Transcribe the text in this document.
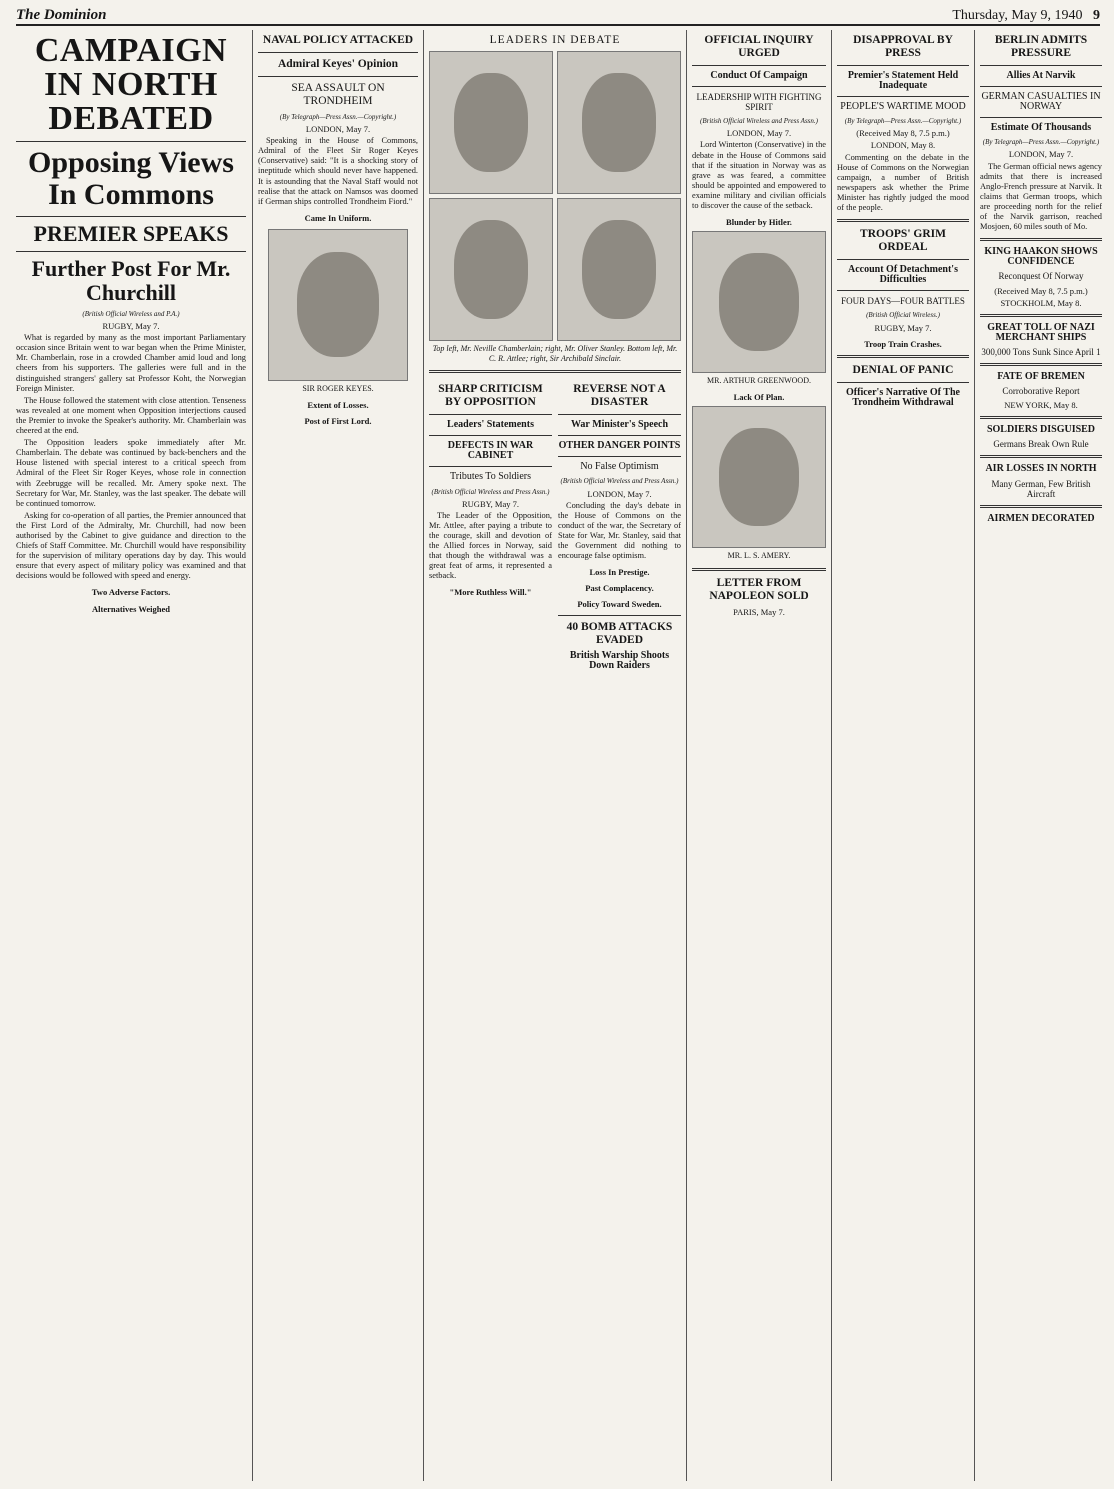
The Dominion	Thursday, May 9, 1940 9
CAMPAIGN IN NORTH DEBATED
Opposing Views In Commons
PREMIER SPEAKS
Further Post For Mr. Churchill
(British Official Wireless and P.A.)
RUGBY, May 7.

What is regarded by many as the most important Parliamentary occasion since Britain went to war began when the Prime Minister, Mr. Chamberlain, rose in a crowded Chamber amid loud and long cheers from his supporters. The galleries were full and in the distinguished strangers' gallery sat Professor Koht, the Norwegian Foreign Minister.

The House followed the statement with close attention. Tenseness was revealed at one moment when Opposition interjections caused the Premier to invoke the Speaker's authority. Mr. Chamberlain was cheered at the end.

The Opposition leaders spoke immediately after Mr. Chamberlain. The debate was continued by back-benchers and the House listened with special interest to a critical speech from Admiral of the Fleet Sir Roger Keyes, whose role in connection with Zeebrugge will be recalled. Mr. Amery spoke next. The Secretary for War, Mr. Stanley, was the last speaker. The debate will be continued tomorrow.

Asking for co-operation of all parties, the Premier announced that the First Lord of the Admiralty, Mr. Churchill, had now been authorised by the Cabinet to give guidance and direction to the Chiefs of Staff Committee. Mr. Churchill would have responsibility for the supervision of military operations day by day. This would ensure that every aspect of military policy was examined and that decisions would be followed with speed and energy.

Two Adverse Factors.
Alternatives Weighed
NAVAL POLICY ATTACKED
Admiral Keyes' Opinion
SEA ASSAULT ON TRONDHEIM
(By Telegraph—Press Assn.—Copyright.)
LONDON, May 7.

Speaking in the House of Commons, Admiral of the Fleet Sir Roger Keyes (Conservative) said: "It is a shocking story of ineptitude which should never have happened. It is astounding that the Naval Staff would not realise that the attack on Namsos was doomed if German ships controlled Trondheim Fiord."

Came In Uniform.
SIR ROGER KEYES.
Extent of Losses.
Post of First Lord.
LEADERS IN DEBATE
Top left, Mr. Neville Chamberlain; right, Mr. Oliver Stanley. Bottom left, Mr. C. R. Attlee; right, Sir Archibald Sinclair.
SHARP CRITICISM BY OPPOSITION
Leaders' Statements
DEFECTS IN WAR CABINET
Tributes To Soldiers
(British Official Wireless and Press Assn.)
RUGBY, May 7.

The Leader of the Opposition, Mr. Attlee, after paying a tribute to the courage, skill and devotion of the Allied forces in Norway, said that though the withdrawal was a great feat of arms, it represented a setback.

"More Ruthless Will."
REVERSE NOT A DISASTER
War Minister's Speech
OTHER DANGER POINTS
No False Optimism
(British Official Wireless and Press Assn.)
LONDON, May 7.

Concluding the day's debate in the House of Commons on the conduct of the war, the Secretary of State for War, Mr. Stanley, said that the Government did nothing to encourage false optimism.

Loss In Prestige.
Past Complacency.
Policy Toward Sweden.
40 BOMB ATTACKS EVADED
British Warship Shoots Down Raiders
OFFICIAL INQUIRY URGED
Conduct Of Campaign
LEADERSHIP WITH FIGHTING SPIRIT
(British Official Wireless and Press Assn.)
LONDON, May 7.

Lord Winterton (Conservative) in the debate in the House of Commons said that if the situation in Norway was as grave as was feared, a committee should be appointed and empowered to examine military and civilian officials to discover the cause of the setback.

Blunder by Hitler.
MR. ARTHUR GREENWOOD.
Lack Of Plan.
MR. L. S. AMERY.
LETTER FROM NAPOLEON SOLD
PARIS, May 7.
DISAPPROVAL BY PRESS
Premier's Statement Held Inadequate
PEOPLE'S WARTIME MOOD
(By Telegraph—Press Assn.—Copyright.)
(Received May 8, 7.5 p.m.)
LONDON, May 8.

Commenting on the debate in the House of Commons on the Norwegian campaign, a number of British newspapers ask whether the Prime Minister has rightly judged the mood of the people.

TROOPS' GRIM ORDEAL
Account Of Detachment's Difficulties
FOUR DAYS—FOUR BATTLES
(British Official Wireless.)
RUGBY, May 7.
Troop Train Crashes.
DENIAL OF PANIC
Officer's Narrative Of The Trondheim Withdrawal
BERLIN ADMITS PRESSURE
Allies At Narvik
GERMAN CASUALTIES IN NORWAY
Estimate Of Thousands
(By Telegraph—Press Assn.—Copyright.)
LONDON, May 7.

The German official news agency admits that there is increased Anglo-French pressure at Narvik. It claims that German troops, which are proceeding north for the relief of the Narvik garrison, reached Mosjoen, 60 miles south of Mo.

KING HAAKON SHOWS CONFIDENCE
Reconquest Of Norway
(Received May 8, 7.5 p.m.)
STOCKHOLM, May 8.
GREAT TOLL OF NAZI MERCHANT SHIPS
300,000 Tons Sunk Since April 1
FATE OF BREMEN
Corroborative Report
NEW YORK, May 8.
SOLDIERS DISGUISED
Germans Break Own Rule
AIR LOSSES IN NORTH
Many German, Few British Aircraft
AIRMEN DECORATED
